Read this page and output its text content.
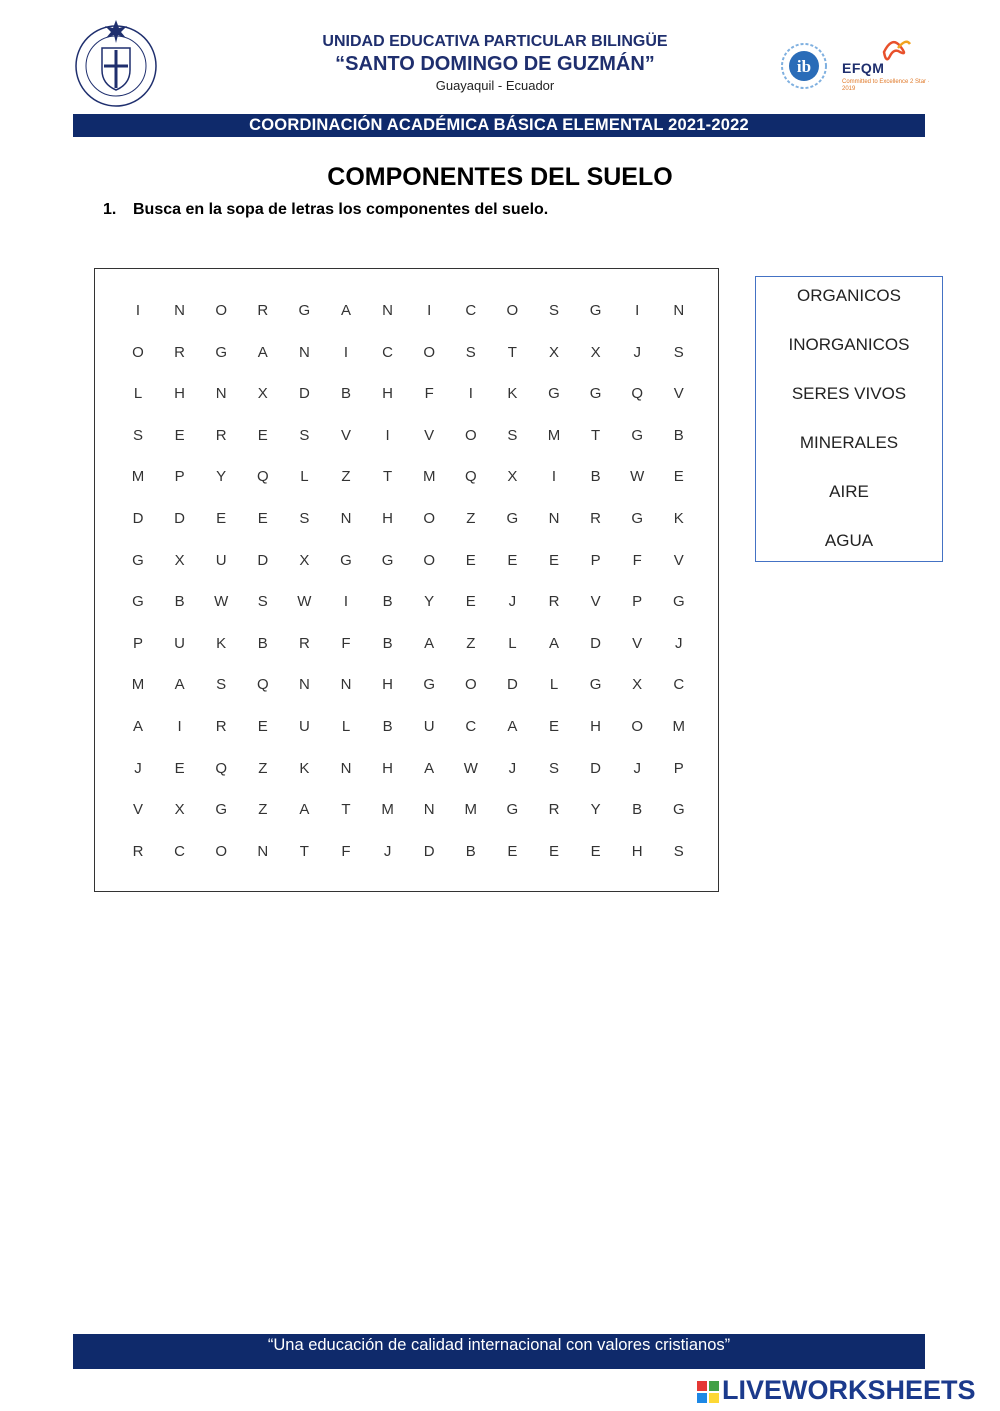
UNIDAD EDUCATIVA PARTICULAR BILINGÜE
“SANTO DOMINGO DE GUZMÁN”
Guayaquil - Ecuador
ib EFQM
Committed to Excellence 2 Star · 2019
COORDINACIÓN ACADÉMICA BÁSICA ELEMENTAL 2021-2022
COMPONENTES DEL SUELO
1. Busca en la sopa de letras los componentes del suelo.
I	N	O	R	G	A	N	I	C	O	S	G	I	N
O	R	G	A	N	I	C	O	S	T	X	X	J	S
L	H	N	X	D	B	H	F	I	K	G	G	Q	V
S	E	R	E	S	V	I	V	O	S	M	T	G	B
M	P	Y	Q	L	Z	T	M	Q	X	I	B	W	E
D	D	E	E	S	N	H	O	Z	G	N	R	G	K
G	X	U	D	X	G	G	O	E	E	E	P	F	V
G	B	W	S	W	I	B	Y	E	J	R	V	P	G
P	U	K	B	R	F	B	A	Z	L	A	D	V	J
M	A	S	Q	N	N	H	G	O	D	L	G	X	C
A	I	R	E	U	L	B	U	C	A	E	H	O	M
J	E	Q	Z	K	N	H	A	W	J	S	D	J	P
V	X	G	Z	A	T	M	N	M	G	R	Y	B	G
R	C	O	N	T	F	J	D	B	E	E	E	H	S
ORGANICOS
INORGANICOS
SERES VIVOS
MINERALES
AIRE
AGUA
“Una educación de calidad internacional con valores cristianos”
LIVEWORKSHEETS
